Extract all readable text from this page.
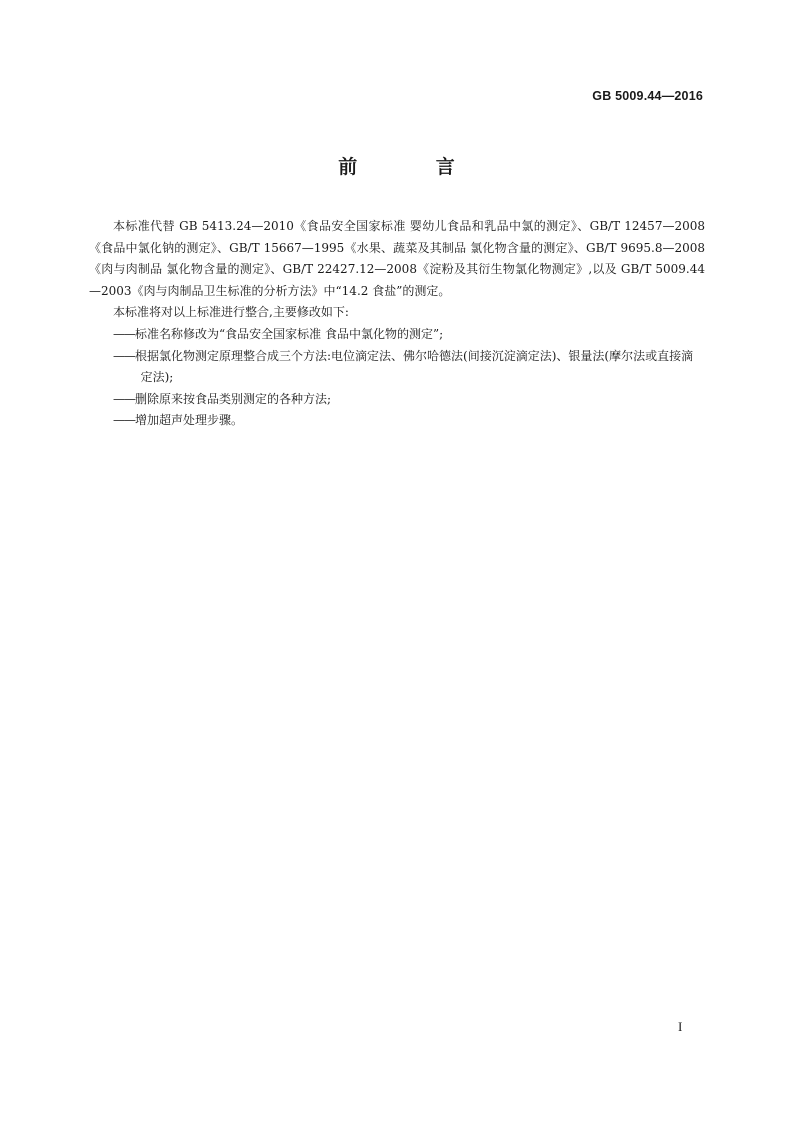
GB 5009.44—2016
前 言

本标准代替 GB 5413.24—2010《食品安全国家标准 婴幼儿食品和乳品中氯的测定》、GB/T 12457—2008《食品中氯化钠的测定》、GB/T 15667—1995《水果、蔬菜及其制品 氯化物含量的测定》、GB/T 9695.8—2008《肉与肉制品 氯化物含量的测定》、GB/T 22427.12—2008《淀粉及其衍生物氯化物测定》,以及 GB/T 5009.44—2003《肉与肉制品卫生标准的分析方法》中“14.2 食盐”的测定。

本标准将对以上标准进行整合,主要修改如下:

——标准名称修改为“食品安全国家标准 食品中氯化物的测定”;

——根据氯化物测定原理整合成三个方法:电位滴定法、佛尔哈德法(间接沉淀滴定法)、银量法(摩尔法或直接滴定法);

——删除原来按食品类别测定的各种方法;

——增加超声处理步骤。

I
